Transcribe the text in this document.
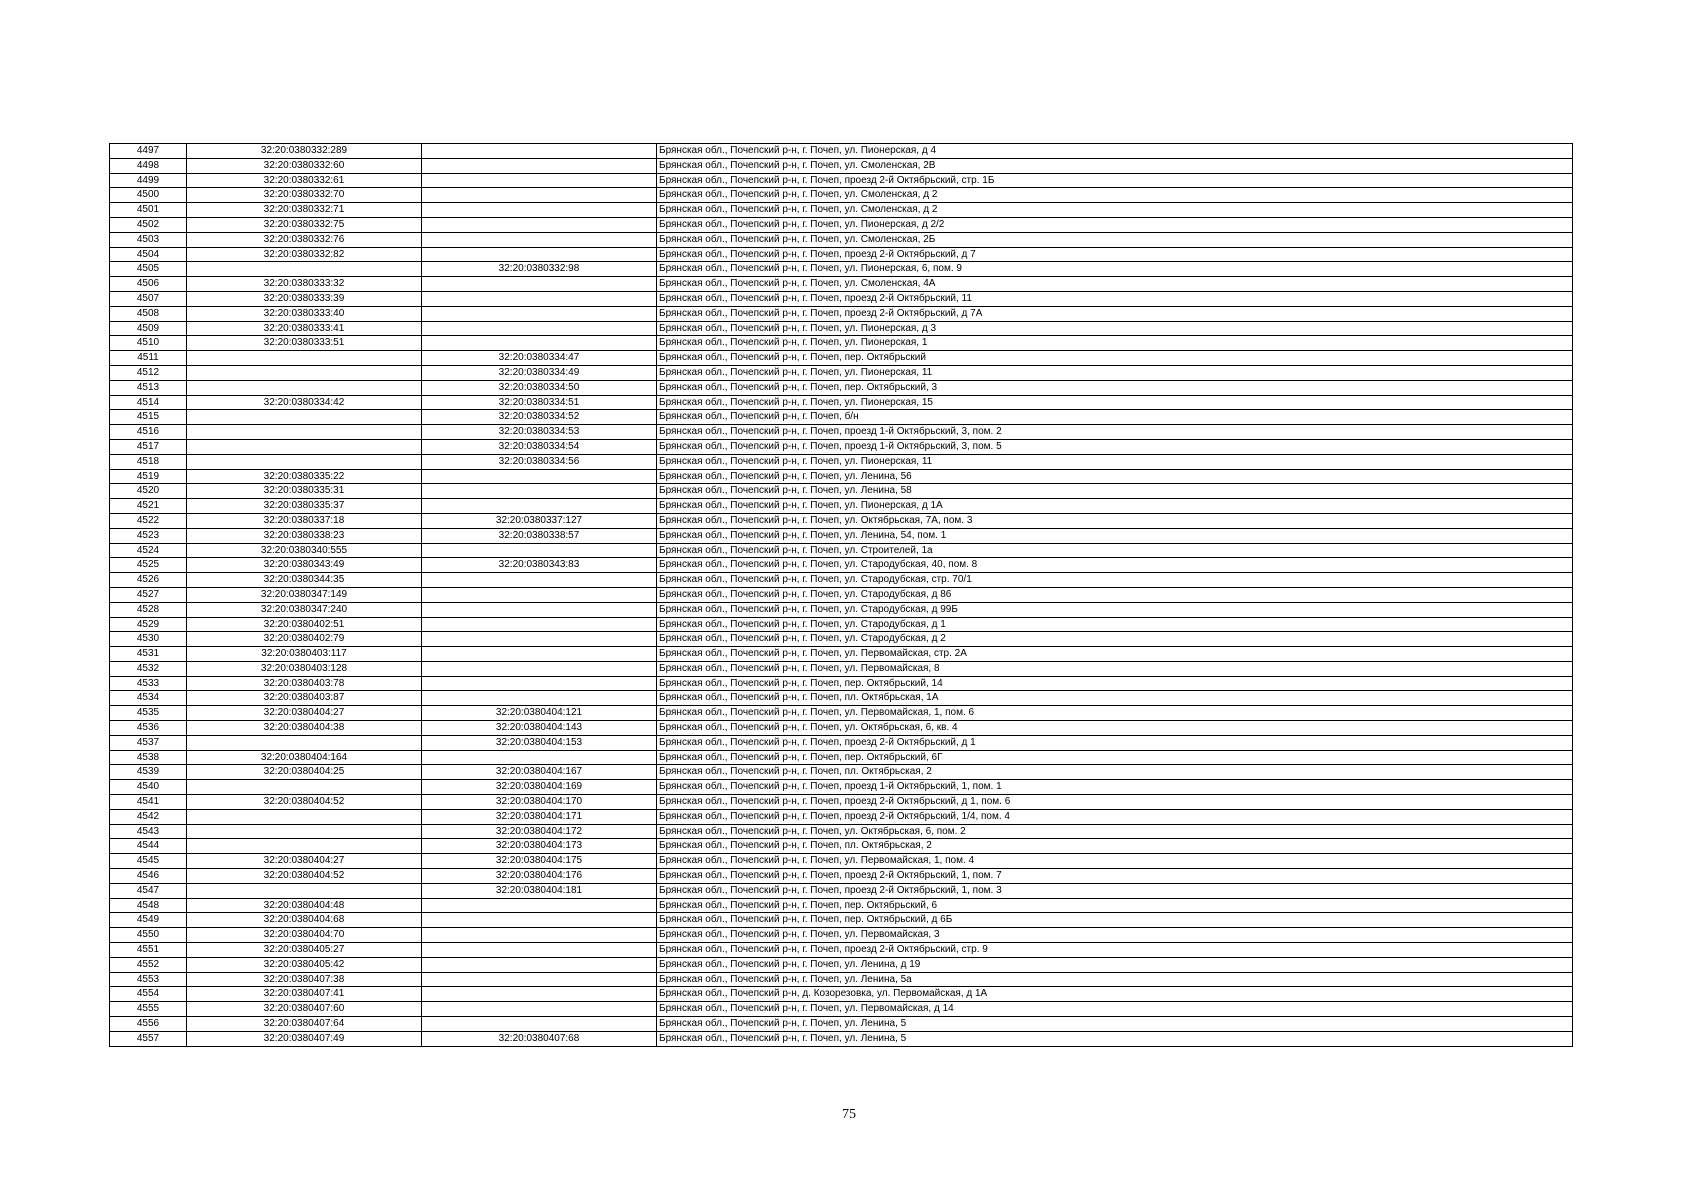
4497	32:20:0380332:289		Брянская обл., Почепский р-н, г. Почеп, ул. Пионерская, д 4
4498	32:20:0380332:60		Брянская обл., Почепский р-н, г. Почеп, ул. Смоленская, 2В
4499	32:20:0380332:61		Брянская обл., Почепский р-н, г. Почеп, проезд 2-й Октябрьский, стр. 1Б
4500	32:20:0380332:70		Брянская обл., Почепский р-н, г. Почеп, ул. Смоленская, д 2
4501	32:20:0380332:71		Брянская обл., Почепский р-н, г. Почеп, ул. Смоленская, д 2
4502	32:20:0380332:75		Брянская обл., Почепский р-н, г. Почеп, ул. Пионерская, д 2/2
4503	32:20:0380332:76		Брянская обл., Почепский р-н, г. Почеп, ул. Смоленская, 2Б
4504	32:20:0380332:82		Брянская обл., Почепский р-н, г. Почеп, проезд 2-й Октябрьский, д 7
4505		32:20:0380332:98	Брянская обл., Почепский р-н, г. Почеп, ул. Пионерская, 6, пом. 9
4506	32:20:0380333:32		Брянская обл., Почепский р-н, г. Почеп, ул. Смоленская, 4А
4507	32:20:0380333:39		Брянская обл., Почепский р-н, г. Почеп, проезд 2-й Октябрьский, 11
4508	32:20:0380333:40		Брянская обл., Почепский р-н, г. Почеп, проезд 2-й Октябрьский, д 7А
4509	32:20:0380333:41		Брянская обл., Почепский р-н, г. Почеп, ул. Пионерская, д 3
4510	32:20:0380333:51		Брянская обл., Почепский р-н, г. Почеп, ул. Пионерская, 1
4511		32:20:0380334:47	Брянская обл., Почепский р-н, г. Почеп, пер. Октябрьский
4512		32:20:0380334:49	Брянская обл., Почепский р-н, г. Почеп, ул. Пионерская, 11
4513		32:20:0380334:50	Брянская обл., Почепский р-н, г. Почеп, пер. Октябрьский, 3
4514	32:20:0380334:42	32:20:0380334:51	Брянская обл., Почепский р-н, г. Почеп, ул. Пионерская, 15
4515		32:20:0380334:52	Брянская обл., Почепский р-н, г. Почеп, б/н
4516		32:20:0380334:53	Брянская обл., Почепский р-н, г. Почеп, проезд 1-й Октябрьский, 3, пом. 2
4517		32:20:0380334:54	Брянская обл., Почепский р-н, г. Почеп, проезд 1-й Октябрьский, 3, пом. 5
4518		32:20:0380334:56	Брянская обл., Почепский р-н, г. Почеп, ул. Пионерская, 11
4519	32:20:0380335:22		Брянская обл., Почепский р-н, г. Почеп, ул. Ленина, 56
4520	32:20:0380335:31		Брянская обл., Почепский р-н, г. Почеп, ул. Ленина, 58
4521	32:20:0380335:37		Брянская обл., Почепский р-н, г. Почеп, ул. Пионерская, д 1А
4522	32:20:0380337:18	32:20:0380337:127	Брянская обл., Почепский р-н, г. Почеп, ул. Октябрьская, 7А, пом. 3
4523	32:20:0380338:23	32:20:0380338:57	Брянская обл., Почепский р-н, г. Почеп, ул. Ленина, 54, пом. 1
4524	32:20:0380340:555		Брянская обл., Почепский р-н, г. Почеп, ул. Строителей, 1а
4525	32:20:0380343:49	32:20:0380343:83	Брянская обл., Почепский р-н, г. Почеп, ул. Стародубская, 40, пом. 8
4526	32:20:0380344:35		Брянская обл., Почепский р-н, г. Почеп, ул. Стародубская, стр. 70/1
4527	32:20:0380347:149		Брянская обл., Почепский р-н, г. Почеп, ул. Стародубская, д 86
4528	32:20:0380347:240		Брянская обл., Почепский р-н, г. Почеп, ул. Стародубская, д 99Б
4529	32:20:0380402:51		Брянская обл., Почепский р-н, г. Почеп, ул. Стародубская, д 1
4530	32:20:0380402:79		Брянская обл., Почепский р-н, г. Почеп, ул. Стародубская, д 2
4531	32:20:0380403:117		Брянская обл., Почепский р-н, г. Почеп, ул. Первомайская, стр. 2А
4532	32:20:0380403:128		Брянская обл., Почепский р-н, г. Почеп, ул. Первомайская, 8
4533	32:20:0380403:78		Брянская обл., Почепский р-н, г. Почеп, пер. Октябрьский, 14
4534	32:20:0380403:87		Брянская обл., Почепский р-н, г. Почеп, пл. Октябрьская, 1А
4535	32:20:0380404:27	32:20:0380404:121	Брянская обл., Почепский р-н, г. Почеп, ул. Первомайская, 1, пом. 6
4536	32:20:0380404:38	32:20:0380404:143	Брянская обл., Почепский р-н, г. Почеп, ул. Октябрьская, 6, кв. 4
4537		32:20:0380404:153	Брянская обл., Почепский р-н, г. Почеп, проезд 2-й Октябрьский, д 1
4538	32:20:0380404:164		Брянская обл., Почепский р-н, г. Почеп, пер. Октябрьский, 6Г
4539	32:20:0380404:25	32:20:0380404:167	Брянская обл., Почепский р-н, г. Почеп, пл. Октябрьская, 2
4540		32:20:0380404:169	Брянская обл., Почепский р-н, г. Почеп, проезд 1-й Октябрьский, 1, пом. 1
4541	32:20:0380404:52	32:20:0380404:170	Брянская обл., Почепский р-н, г. Почеп, проезд 2-й Октябрьский, д 1, пом. 6
4542		32:20:0380404:171	Брянская обл., Почепский р-н, г. Почеп, проезд 2-й Октябрьский, 1/4, пом. 4
4543		32:20:0380404:172	Брянская обл., Почепский р-н, г. Почеп, ул. Октябрьская, 6, пом. 2
4544		32:20:0380404:173	Брянская обл., Почепский р-н, г. Почеп, пл. Октябрьская, 2
4545	32:20:0380404:27	32:20:0380404:175	Брянская обл., Почепский р-н, г. Почеп, ул. Первомайская, 1, пом. 4
4546	32:20:0380404:52	32:20:0380404:176	Брянская обл., Почепский р-н, г. Почеп, проезд 2-й Октябрьский, 1, пом. 7
4547		32:20:0380404:181	Брянская обл., Почепский р-н, г. Почеп, проезд 2-й Октябрьский, 1, пом. 3
4548	32:20:0380404:48		Брянская обл., Почепский р-н, г. Почеп, пер. Октябрьский, 6
4549	32:20:0380404:68		Брянская обл., Почепский р-н, г. Почеп, пер. Октябрьский, д 6Б
4550	32:20:0380404:70		Брянская обл., Почепский р-н, г. Почеп, ул. Первомайская, 3
4551	32:20:0380405:27		Брянская обл., Почепский р-н, г. Почеп, проезд 2-й Октябрьский, стр. 9
4552	32:20:0380405:42		Брянская обл., Почепский р-н, г. Почеп, ул. Ленина, д 19
4553	32:20:0380407:38		Брянская обл., Почепский р-н, г. Почеп, ул. Ленина, 5а
4554	32:20:0380407:41		Брянская обл., Почепский р-н, д. Козорезовка, ул. Первомайская, д 1А
4555	32:20:0380407:60		Брянская обл., Почепский р-н, г. Почеп, ул. Первомайская, д 14
4556	32:20:0380407:64		Брянская обл., Почепский р-н, г. Почеп, ул. Ленина, 5
4557	32:20:0380407:49	32:20:0380407:68	Брянская обл., Почепский р-н, г. Почеп, ул. Ленина, 5
75
